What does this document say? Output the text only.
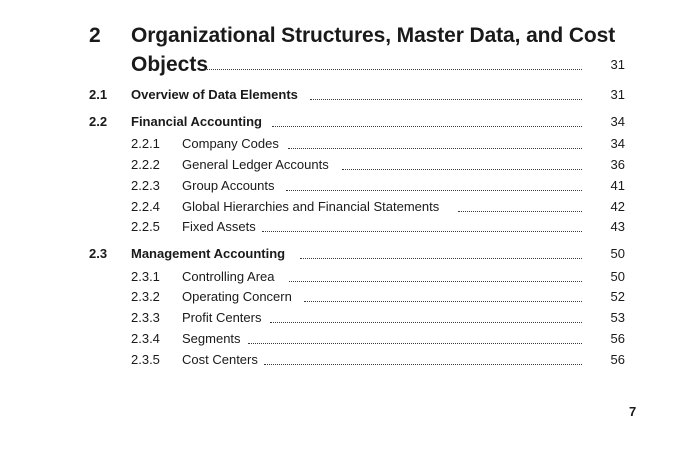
2 Organizational Structures, Master Data, and Cost
Objects	31
2.1 Overview of Data Elements	31
2.2 Financial Accounting	34
2.2.1 Company Codes	34
2.2.2 General Ledger Accounts	36
2.2.3 Group Accounts	41
2.2.4 Global Hierarchies and Financial Statements	42
2.2.5 Fixed Assets	43
2.3 Management Accounting	50
2.3.1 Controlling Area	50
2.3.2 Operating Concern	52
2.3.3 Profit Centers	53
2.3.4 Segments	56
2.3.5 Cost Centers	56
7
